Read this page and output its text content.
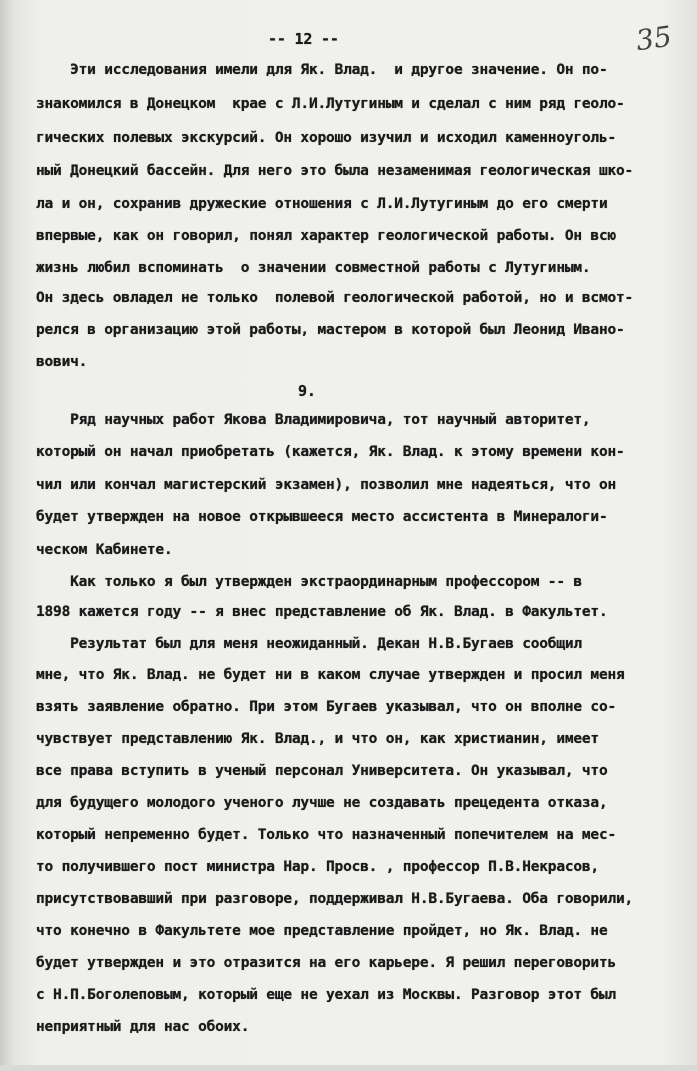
-- 12 --	35
Эти исследования имели для Як. Влад.  и другое значение. Он по-
знакомился в Донецком  крае с Л.И.Лутугиным и сделал с ним ряд геоло-
гических полевых экскурсий. Он хорошо изучил и исходил каменноуголь-
ный Донецкий бассейн. Для него это была незаменимая геологическая шко-
ла и он, сохранив дружеские отношения с Л.И.Лутугиным до его смерти
впервые, как он говорил, понял характер геологической работы. Он всю
жизнь любил вспоминать  о значении совместной работы с Лутугиным.
Он здесь овладел не только  полевой геологической работой, но и всмот-
релся в организацию этой работы, мастером в которой был Леонид Ивано-
вович.
9.
Ряд научных работ Якова Владимировича, тот научный авторитет,
который он начал приобретать (кажется, Як. Влад. к этому времени кон-
чил или кончал магистерский экзамен), позволил мне надеяться, что он
будет утвержден на новое открывшееся место ассистента в Минералоги-
ческом Кабинете.
Как только я был утвержден экстраординарным профессором -- в
1898 кажется году -- я внес представление об Як. Влад. в Факультет.
Результат был для меня неожиданный. Декан Н.В.Бугаев сообщил
мне, что Як. Влад. не будет ни в каком случае утвержден и просил меня
взять заявление обратно. При этом Бугаев указывал, что он вполне со-
чувствует представлению Як. Влад., и что он, как христианин, имеет
все права вступить в ученый персонал Университета. Он указывал, что
для будущего молодого ученого лучше не создавать прецедента отказа,
который непременно будет. Только что назначенный попечителем на мес-
то получившего пост министра Нар. Просв. , профессор П.В.Некрасов,
присутствовавший при разговоре, поддерживал Н.В.Бугаева. Оба говорили,
что конечно в Факультете мое представление пройдет, но Як. Влад. не
будет утвержден и это отразится на его карьере. Я решил переговорить
с Н.П.Боголеповым, который еще не уехал из Москвы. Разговор этот был
неприятный для нас обоих.
